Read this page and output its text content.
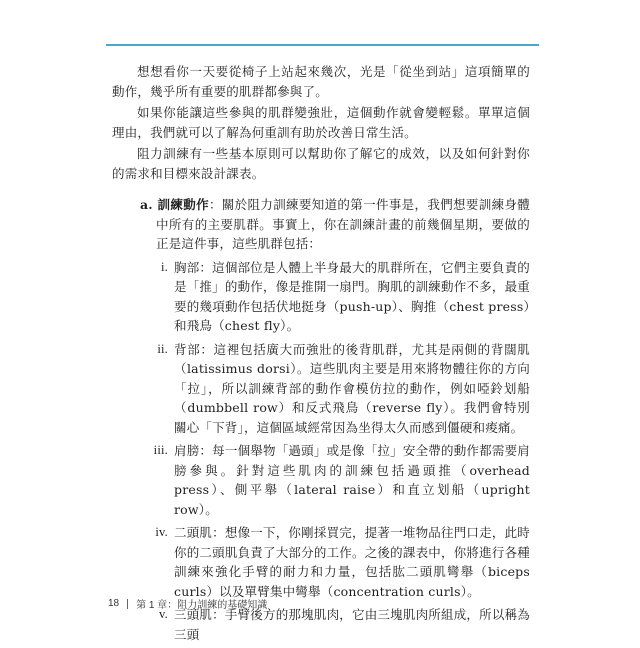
想想看你一天要從椅子上站起來幾次，光是「從坐到站」這項簡單的動作，幾乎所有重要的肌群都參與了。

如果你能讓這些參與的肌群變強壯，這個動作就會變輕鬆。單單這個理由，我們就可以了解為何重訓有助於改善日常生活。

阻力訓練有一些基本原則可以幫助你了解它的成效，以及如何針對你的需求和目標來設計課表。

a. 訓練動作：關於阻力訓練要知道的第一件事是，我們想要訓練身體中所有的主要肌群。事實上，你在訓練計畫的前幾個星期，要做的正是這件事，這些肌群包括：

i. 胸部：這個部位是人體上半身最大的肌群所在，它們主要負責的是「推」的動作，像是推開一扇門。胸肌的訓練動作不多，最重要的幾項動作包括伏地挺身（push-up）、胸推（chest press）和飛鳥（chest fly）。
ii. 背部：這裡包括廣大而強壯的後背肌群，尤其是兩側的背闊肌（latissimus dorsi）。這些肌肉主要是用來將物體往你的方向「拉」，所以訓練背部的動作會模仿拉的動作，例如啞鈴划船（dumbbell row）和反式飛鳥（reverse fly）。我們會特別關心「下背」，這個區域經常因為坐得太久而感到僵硬和痠痛。
iii. 肩膀：每一個舉物「過頭」或是像「拉」安全帶的動作都需要肩膀參與。針對這些肌肉的訓練包括過頭推（overhead press）、側平舉（lateral raise）和直立划船（upright row）。
iv. 二頭肌：想像一下，你剛採買完，提著一堆物品往門口走，此時你的二頭肌負責了大部分的工作。之後的課表中，你將進行各種訓練來強化手臂的耐力和力量，包括肱二頭肌彎舉（biceps curls）以及單臂集中彎舉（concentration curls）。
v. 三頭肌：手臂後方的那塊肌肉，它由三塊肌肉所組成，所以稱為三頭
18 第 1 章：阻力訓練的基礎知識
